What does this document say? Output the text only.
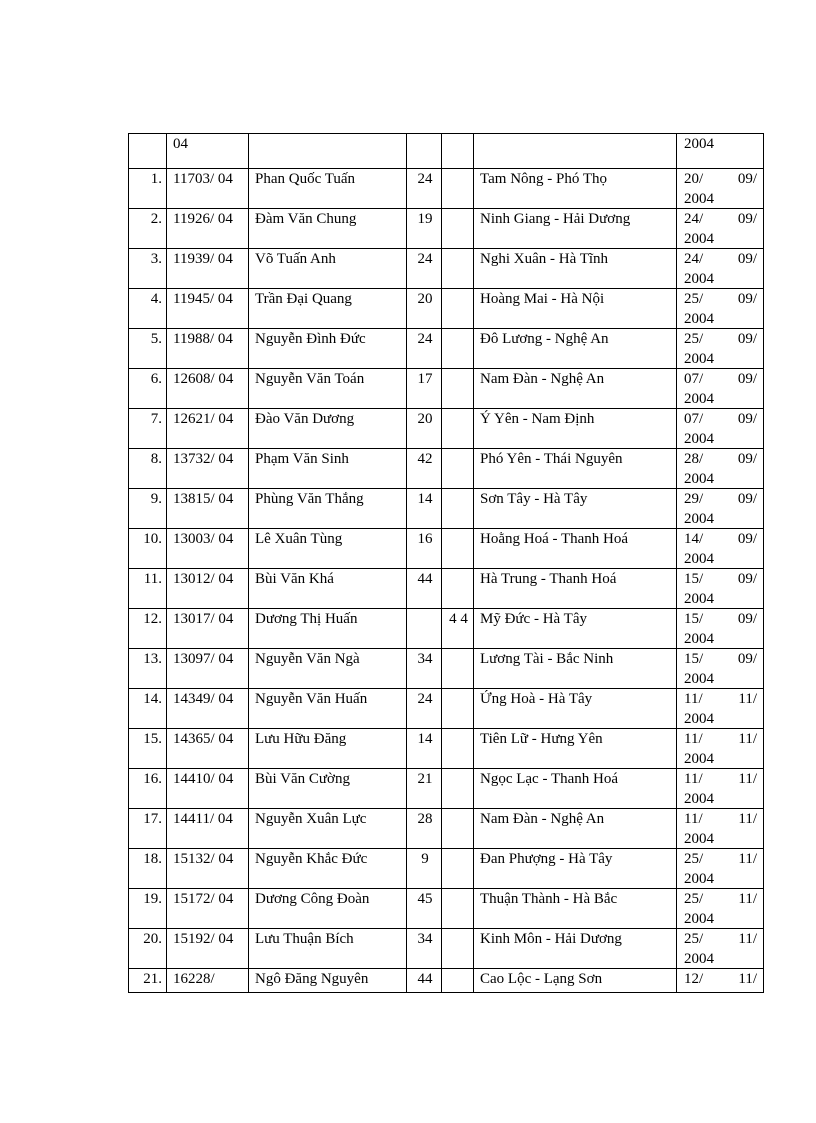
	04					2004

1.	11703/ 04	Phan Quốc Tuấn	24		Tam Nông - Phó Thọ	20/ 09/
2004

2.	11926/ 04	Đàm Văn Chung	19		Ninh Giang - Hải Dương	24/ 09/
2004

3.	11939/ 04	Võ Tuấn Anh	24		Nghi Xuân - Hà Tĩnh	24/ 09/
2004

4.	11945/ 04	Trần Đại Quang	20		Hoàng Mai - Hà Nội	25/ 09/
2004

5.	11988/ 04	Nguyễn Đình Đức	24		Đô Lương - Nghệ An	25/ 09/
2004

6.	12608/ 04	Nguyễn Văn Toán	17		Nam Đàn - Nghệ An	07/ 09/
2004

7.	12621/ 04	Đào Văn Dương	20		Ý Yên - Nam Định	07/ 09/
2004

8.	13732/ 04	Phạm Văn Sinh	42		Phó Yên - Thái Nguyên	28/ 09/
2004

9.	13815/ 04	Phùng Văn Thắng	14		Sơn Tây - Hà Tây	29/ 09/
2004

10.	13003/ 04	Lê Xuân Tùng	16		Hoằng Hoá - Thanh Hoá	14/ 09/
2004

11.	13012/ 04	Bùi Văn Khá	44		Hà Trung - Thanh Hoá	15/ 09/
2004

12.	13017/ 04	Dương Thị Huấn		4 4	Mỹ Đức - Hà Tây	15/ 09/
2004

13.	13097/ 04	Nguyễn Văn Ngà	34		Lương Tài - Bắc Ninh	15/ 09/
2004

14.	14349/ 04	Nguyễn Văn Huấn	24		Ứng Hoà - Hà Tây	11/ 11/
2004

15.	14365/ 04	Lưu Hữu Đăng	14		Tiên Lữ - Hưng Yên	11/ 11/
2004

16.	14410/ 04	Bùi Văn Cường	21		Ngọc Lạc - Thanh Hoá	11/ 11/
2004

17.	14411/ 04	Nguyễn Xuân Lực	28		Nam Đàn - Nghệ An	11/ 11/
2004

18.	15132/ 04	Nguyễn Khắc Đức	9		Đan Phượng - Hà Tây	25/ 11/
2004

19.	15172/ 04	Dương Công Đoàn	45		Thuận Thành - Hà Bắc	25/ 11/
2004

20.	15192/ 04	Lưu Thuận Bích	34		Kinh Môn - Hải Dương	25/ 11/
2004

21.	16228/	Ngô Đăng Nguyên	44		Cao Lộc - Lạng Sơn	12/ 11/
